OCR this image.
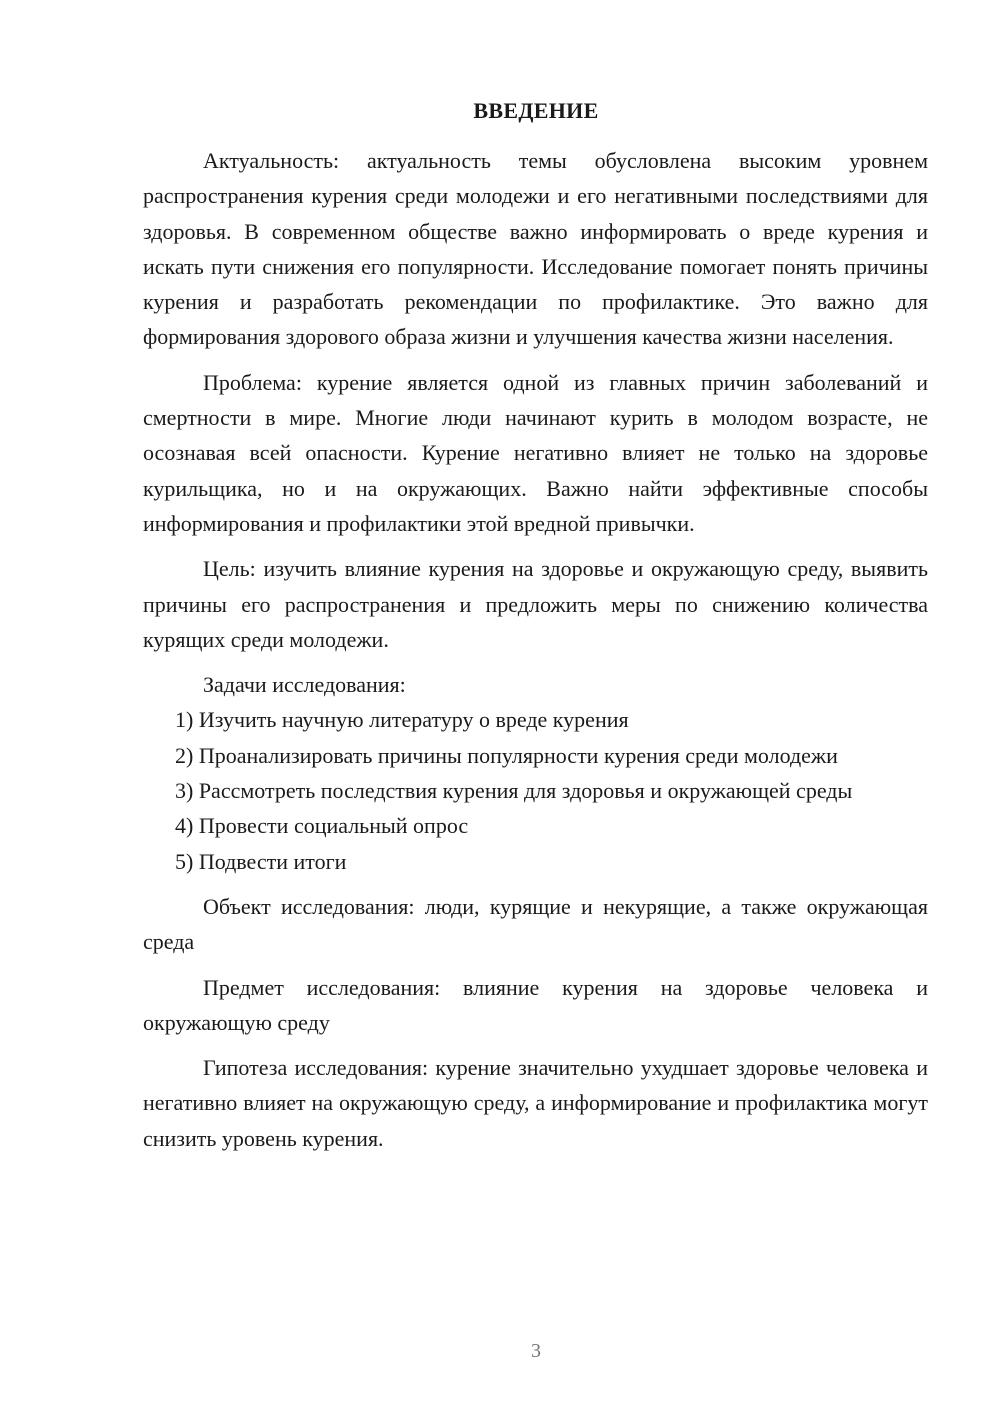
ВВЕДЕНИЕ

Актуальность: актуальность темы обусловлена высоким уровнем распространения курения среди молодежи и его негативными последствиями для здоровья. В современном обществе важно информировать о вреде курения и искать пути снижения его популярности. Исследование помогает понять причины курения и разработать рекомендации по профилактике. Это важно для формирования здорового образа жизни и улучшения качества жизни населения.

Проблема: курение является одной из главных причин заболеваний и смертности в мире. Многие люди начинают курить в молодом возрасте, не осознавая всей опасности. Курение негативно влияет не только на здоровье курильщика, но и на окружающих. Важно найти эффективные способы информирования и профилактики этой вредной привычки.

Цель: изучить влияние курения на здоровье и окружающую среду, выявить причины его распространения и предложить меры по снижению количества курящих среди молодежи.

Задачи исследования:

1) Изучить научную литературу о вреде курения

2) Проанализировать причины популярности курения среди молодежи

3) Рассмотреть последствия курения для здоровья и окружающей среды

4) Провести социальный опрос

5) Подвести итоги

Объект исследования: люди, курящие и некурящие, а также окружающая среда

Предмет исследования: влияние курения на здоровье человека и окружающую среду

Гипотеза исследования: курение значительно ухудшает здоровье человека и негативно влияет на окружающую среду, а информирование и профилактика могут снизить уровень курения.

3
